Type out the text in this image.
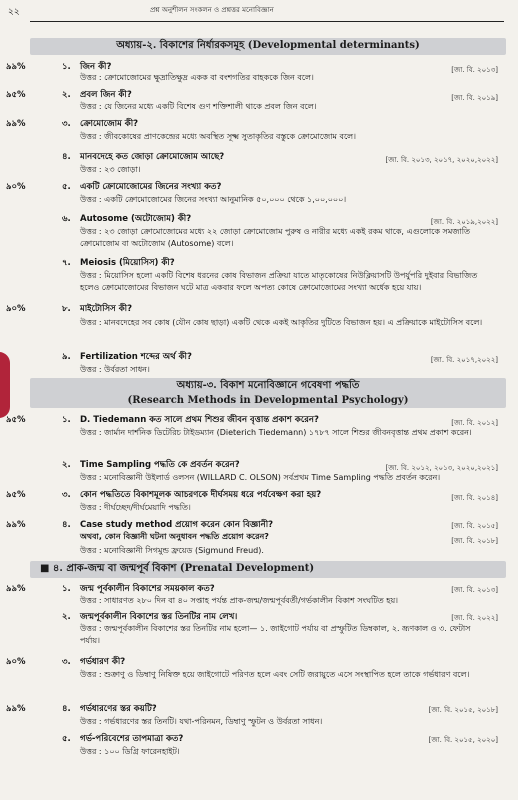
২২	প্রশ্ন অনুশীলন সংকলন ও প্রশ্নত্তর মনোবিজ্ঞান
অধ্যায়-২. বিকাশের নির্ধারকসমূহ (Developmental determinants)
৯৯%	১. জিন কী?	[জা. বি. ২০১৩]
উত্তর : ক্রোমোজোমের ক্ষুদ্রাতিক্ষুদ্র একক বা বংশগতির বাহককে জিন বলে।
৯৫%	২. প্রবল জিন কী?	[জা. বি. ২০১৯]
উত্তর : যে জিনের মধ্যে একটি বিশেষ গুণ শক্তিশালী থাকে প্রবল জিন বলে।
৯৯%	৩. ক্রোমোজোম কী?
উত্তর : জীবকোষের প্রাণকেন্দ্রের মধ্যে অবস্থিত সূক্ষ্ম সুতাকৃতির বস্তুকে ক্রোমোজোম বলে।
৪. মানবদেহে কত জোড়া ক্রোমোজোম আছে?	[জা. বি. ২০১৩, ২০১৭, ২০২০,২০২২]
উত্তর : ২৩ জোড়া।
৯০%	৫. একটি ক্রোমোজোমের জিনের সংখ্যা কত?
উত্তর : একটি ক্রোমোজোমের জিনের সংখ্যা আনুমানিক ৫০,০০০ থেকে ১,০০,০০০।
৬. Autosome (অটোজোম) কী?	[জা. বি. ২০১৯,২০২২]
উত্তর : ২৩ জোড়া ক্রোমোজোমের মধ্যে ২২ জোড়া ক্রোমোজোম পুরুষ ও নারীর মধ্যে একই রকম থাকে, এগুলোকে সমজাতি ক্রোমোজোম বা অটোজোম (Autosome) বলে।
৭. Meiosis (মিয়োসিস) কী?
উত্তর : মিয়োসিস হলো একটি বিশেষ ধরনের কোষ বিভাজন প্রক্রিয়া যাতে মাতৃকোষের নিউক্লিয়াসটি উপর্যুপরি দুইবার বিভাজিত হলেও ক্রোমোজোমের বিভাজন ঘটে মাত্র একবার ফলে অপত্য কোষে ক্রোমোজোমের সংখ্যা অর্ধেক হয়ে যায়।
৯০%	৮. মাইটোসিস কী?
উত্তর : মানবদেহের সব কোষ (যৌন কোষ ছাড়া) একটি থেকে একই আকৃতির দুটিতে বিভাজন হয়। এ প্রক্রিয়াকে মাইটোসিস বলে।
৯. Fertilization শব্দের অর্থ কী?	[জা. বি. ২০১৭,২০২২]
উত্তর : উর্বরতা সাধন।
অধ্যায়-৩. বিকাশ মনোবিজ্ঞানে গবেষণা পদ্ধতি
(Research Methods in Developmental Psychology)
৯৫%	১. D. Tiedemann কত সালে প্রথম শিশুর জীবন বৃত্তান্ত প্রকাশ করেন?	[জা. বি. ২০১২]
উত্তর : জার্মান দার্শনিক ডিটেরিচ টাইডম্যান (Dieterich Tiedemann) ১৭৮৭ সালে শিশুর জীবনবৃত্তান্ত প্রথম প্রকাশ করেন।
২. Time Sampling পদ্ধতি কে প্রবর্তন করেন?	[জা. বি. ২০১২, ২০১৩, ২০২০,২০২১]
উত্তর : মনোবিজ্ঞানী উইলার্ড ওলসন (WILLARD C. OLSON) সর্বপ্রথম Time Sampling পদ্ধতি প্রবর্তন করেন।
৯৫%	৩. কোন পদ্ধতিতে বিকাশমূলক আচরণকে দীর্ঘসময় ধরে পর্যবেক্ষণ করা হয়?	[জা. বি. ২০১৪]
উত্তর : দীর্ঘচ্ছেদ/দীর্ঘমেয়াদি পদ্ধতি।
৯৯%	৪. Case study method প্রয়োগ করেন কোন বিজ্ঞানী?	[জা. বি. ২০১৫]
অথবা, কোন বিজ্ঞানী ঘটনা অনুধাবন পদ্ধতি প্রয়োগ করেন?	[জা. বি. ২০১৮]
উত্তর : মনোবিজ্ঞানী সিগমুন্ড ফ্রয়েড (Sigmund Freud).
■ ৪. প্রাক-জন্ম বা জন্মপূর্ব বিকাশ (Prenatal Development)
৯৯%	১. জন্ম পূর্বকালীন বিকাশের সময়কাল কত?	[জা. বি. ২০১৩]
উত্তর : সাধারণত ২৮০ দিন বা ৪০ সপ্তাহ পর্যন্ত প্রাক-জন্ম/জন্মপূর্ববর্তী/গর্ভকালীন বিকাশ সংঘটিত হয়।
২. জন্মপূর্বকালীন বিকাশের স্তর তিনটির নাম লেখ।	[জা. বি. ২০২২]
উত্তর : জন্মপূর্বকালীন বিকাশের স্তর তিনটির নাম হলো— ১. জাইগোট পর্যায় বা প্রস্ফুটিত ডিম্বকাল, ২. ভ্রূণকাল ও ৩. ফেটাস পর্যায়।
৯০%	৩. গর্ভধারণ কী?
উত্তর : শুক্রাণু ও ডিম্বাণু নিষিক্ত হয়ে জাইগোটে পরিণত হলে এবং সেটি জরায়ুতে এসে সংস্থাপিত হলে তাকে গর্ভধারণ বলে।
৯৯%	৪. গর্ভধারণের স্তর কয়টি?	[জা. বি. ২০১৫, ২০১৮]
উত্তর : গর্ভধারণের স্তর তিনটি। যথা-পরিনমন, ডিম্বাণু স্ফুটন ও উর্বরতা সাধন।
৫. গর্ভ-পরিবেশের তাপমাত্রা কত?	[জা. বি. ২০১৫, ২০২০]
উত্তর : ১০০ ডিগ্রি ফারেনহাইট।
